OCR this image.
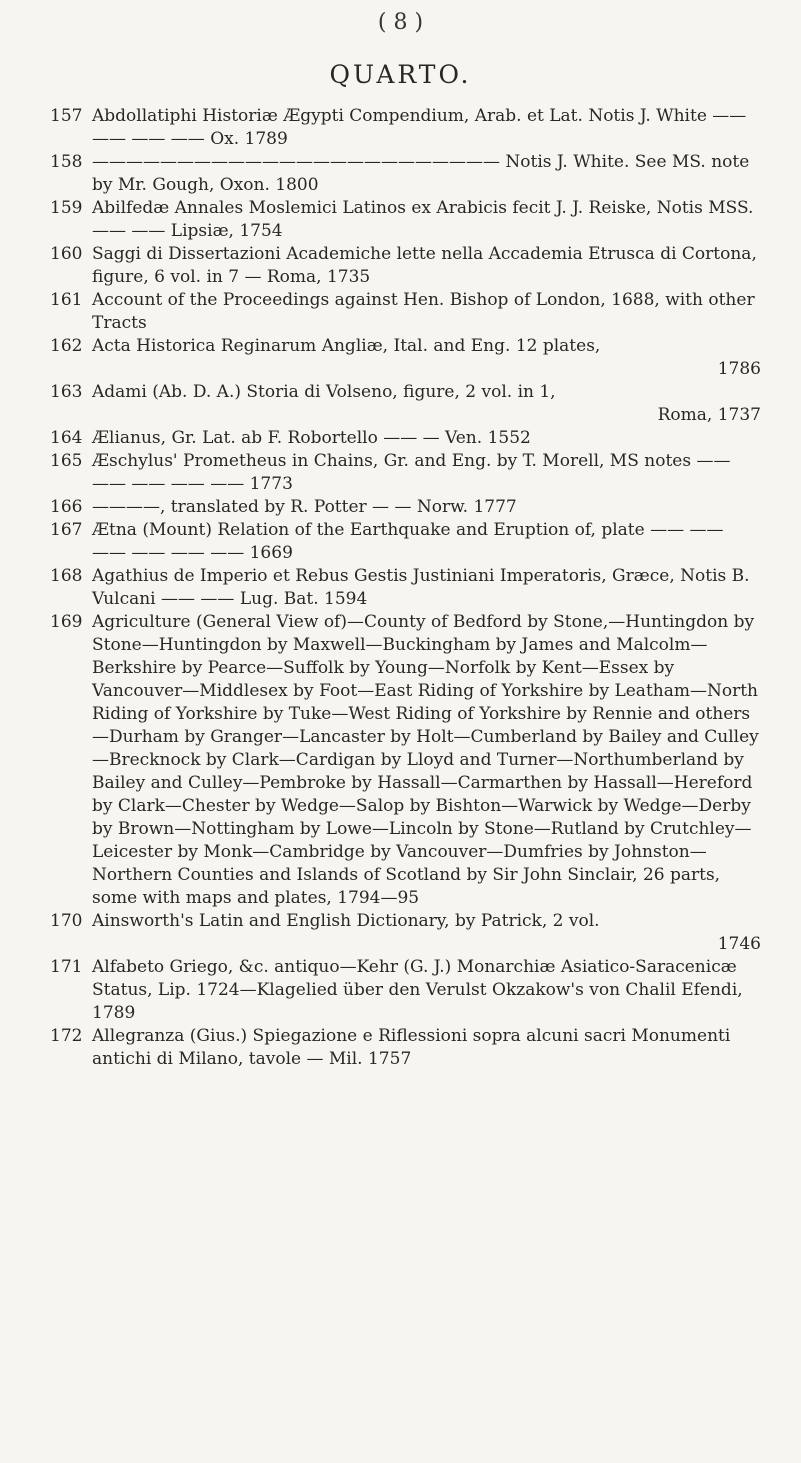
( 8 )
QUARTO.

157 Abdollatiphi Historiæ Ægypti Compendium, Arab. et Lat. Notis J. White —— —— —— —— Ox. 1789

158 ———————————————————————— Notis J. White. See MS. note by Mr. Gough, Oxon. 1800

159 Abilfedæ Annales Moslemici Latinos ex Arabicis fecit J. J. Reiske, Notis MSS. —— —— Lipsiæ, 1754

160 Saggi di Dissertazioni Academiche lette nella Accademia Etrusca di Cortona, figure, 6 vol. in 7 — Roma, 1735

161 Account of the Proceedings against Hen. Bishop of London, 1688, with other Tracts

162 Acta Historica Reginarum Angliæ, Ital. and Eng. 12 plates,
1786

163 Adami (Ab. D. A.) Storia di Volseno, figure, 2 vol. in 1,
Roma, 1737

164 Ælianus, Gr. Lat. ab F. Robortello —— — Ven. 1552

165 Æschylus' Prometheus in Chains, Gr. and Eng. by T. Morell, MS notes —— —— —— —— —— 1773

166 ————, translated by R. Potter — — Norw. 1777

167 Ætna (Mount) Relation of the Earthquake and Eruption of, plate —— —— —— —— —— —— 1669

168 Agathius de Imperio et Rebus Gestis Justiniani Imperatoris, Græce, Notis B. Vulcani —— —— Lug. Bat. 1594

169 Agriculture (General View of)—County of Bedford by Stone,—Huntingdon by Stone—Huntingdon by Maxwell—Buckingham by James and Malcolm—Berkshire by Pearce—Suffolk by Young—Norfolk by Kent—Essex by Vancouver—Middlesex by Foot—East Riding of Yorkshire by Leatham—North Riding of Yorkshire by Tuke—West Riding of Yorkshire by Rennie and others—Durham by Granger—Lancaster by Holt—Cumberland by Bailey and Culley—Brecknock by Clark—Cardigan by Lloyd and Turner—Northumberland by Bailey and Culley—Pembroke by Hassall—Carmarthen by Hassall—Hereford by Clark—Chester by Wedge—Salop by Bishton—Warwick by Wedge—Derby by Brown—Nottingham by Lowe—Lincoln by Stone—Rutland by Crutchley—Leicester by Monk—Cambridge by Vancouver—Dumfries by Johnston—Northern Counties and Islands of Scotland by Sir John Sinclair, 26 parts, some with maps and plates, 1794—95

170 Ainsworth's Latin and English Dictionary, by Patrick, 2 vol.
1746

171 Alfabeto Griego, &c. antiquo—Kehr (G. J.) Monarchiæ Asiatico-Saracenicæ Status, Lip. 1724—Klagelied über den Verulst Okzakow's von Chalil Efendi, 1789

172 Allegranza (Gius.) Spiegazione e Riflessioni sopra alcuni sacri Monumenti antichi di Milano, tavole — Mil. 1757
